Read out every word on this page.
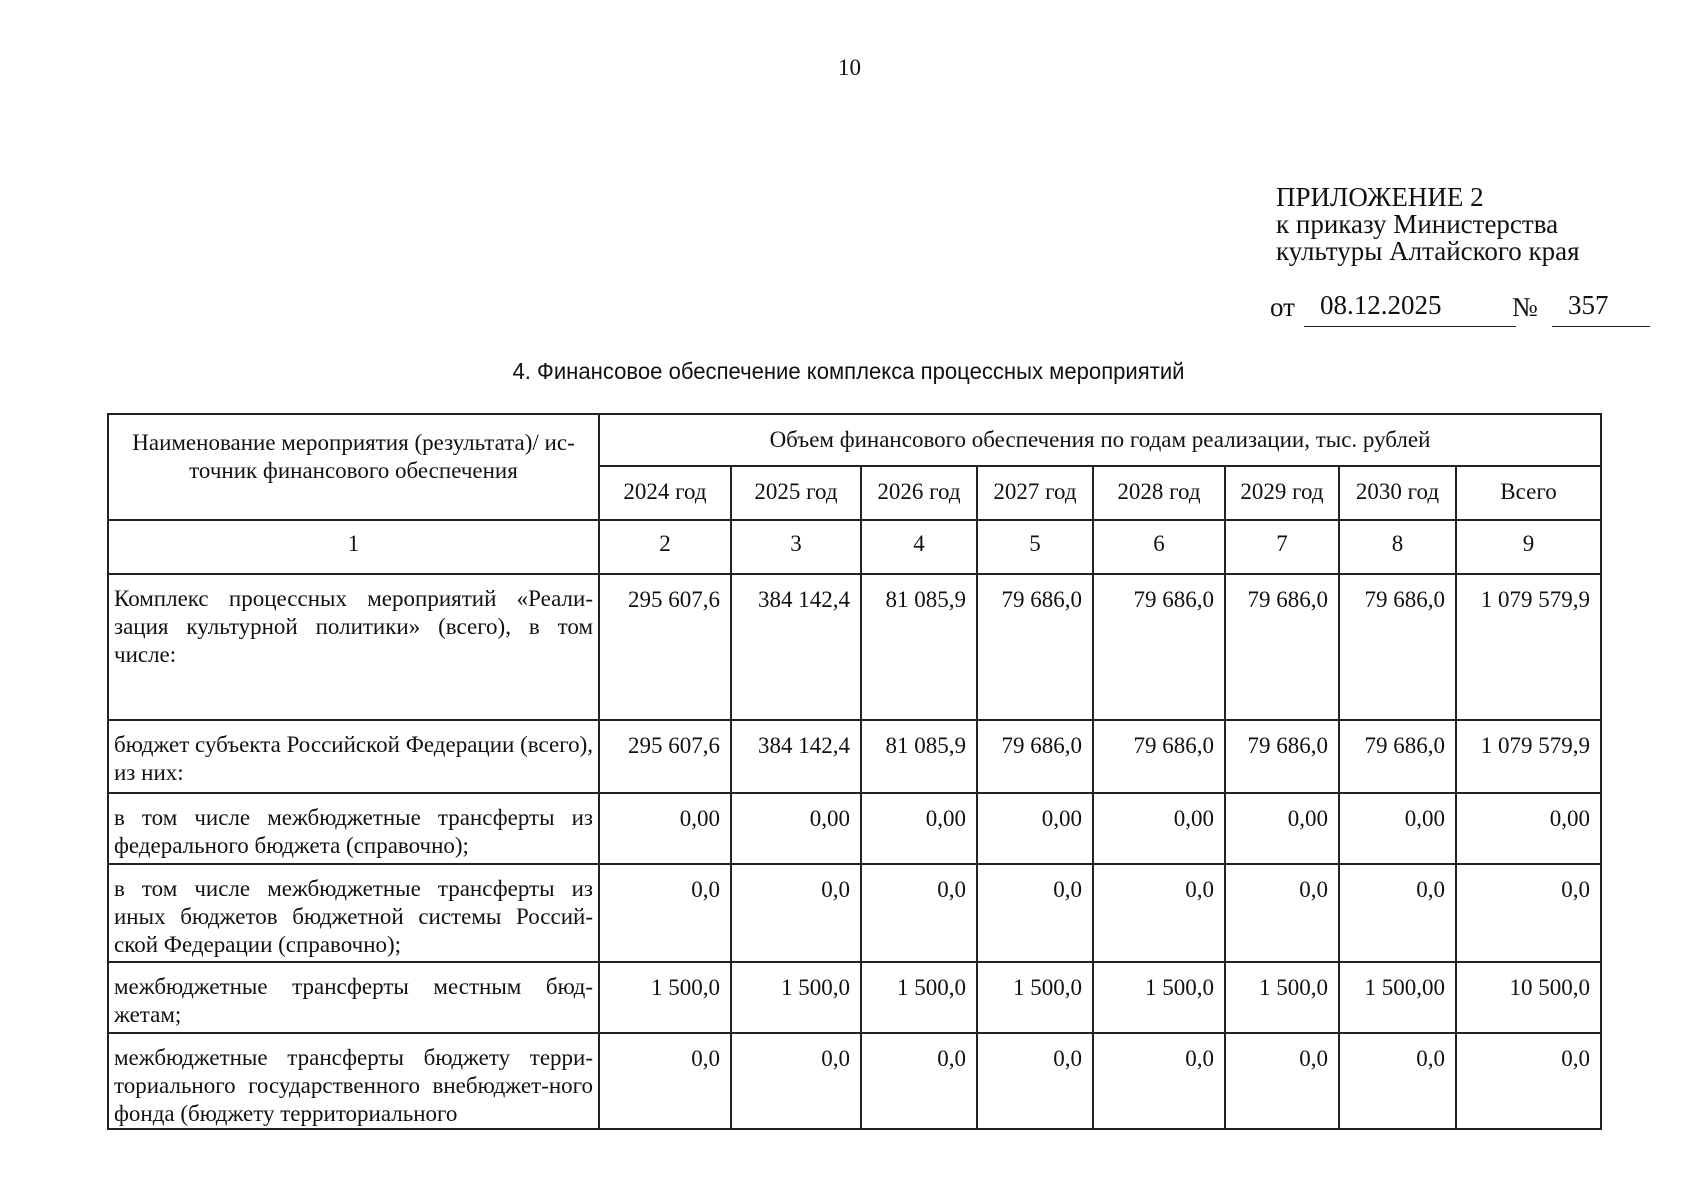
10
ПРИЛОЖЕНИЕ 2
к приказу Министерства
культуры Алтайского края
от 08.12.2025	№	357
4. Финансовое обеспечение комплекса процессных мероприятий
Наименование мероприятия (результата)/ ис-точник финансового обеспечения	Объем финансового обеспечения по годам реализации, тыс. рублей							
	2024 год	2025 год	2026 год	2027 год	2028 год	2029 год	2030 год	Всего
1	2	3	4	5	6	7	8	9
Комплекс процессных мероприятий «Реали-зация культурной политики» (всего), в том числе:	295 607,6	384 142,4	81 085,9	79 686,0	79 686,0	79 686,0	79 686,0	1 079 579,9
бюджет субъекта Российской Федерации (всего), из них:	295 607,6	384 142,4	81 085,9	79 686,0	79 686,0	79 686,0	79 686,0	1 079 579,9
в том числе межбюджетные трансферты из федерального бюджета (справочно);	0,00	0,00	0,00	0,00	0,00	0,00	0,00	0,00
в том числе межбюджетные трансферты из иных бюджетов бюджетной системы Россий-ской Федерации (справочно);	0,0	0,0	0,0	0,0	0,0	0,0	0,0	0,0
межбюджетные трансферты местным бюд-жетам;	1 500,0	1 500,0	1 500,0	1 500,0	1 500,0	1 500,0	1 500,00	10 500,0
межбюджетные трансферты бюджету терри-ториального государственного внебюджет-ного фонда (бюджету территориального	0,0	0,0	0,0	0,0	0,0	0,0	0,0	0,0
